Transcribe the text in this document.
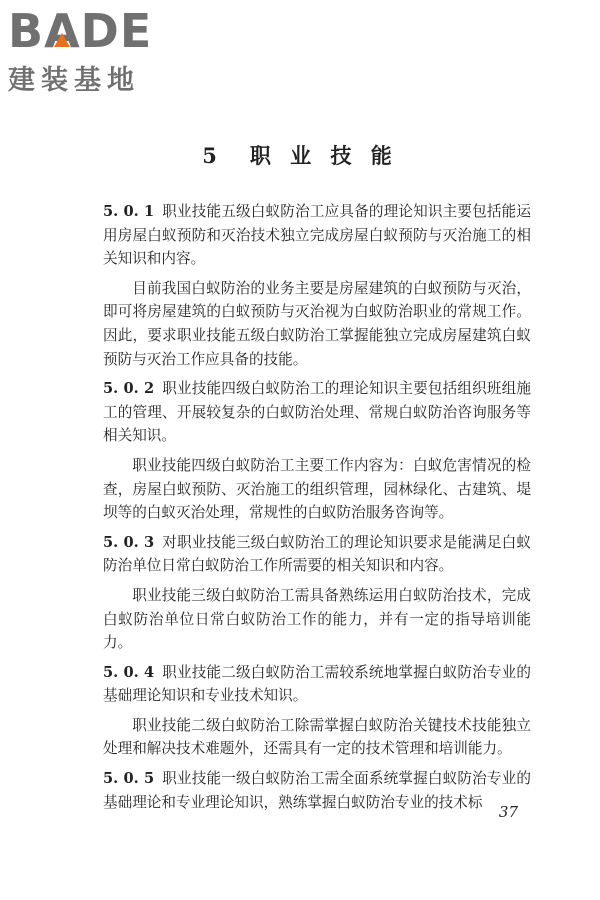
B A DE
建装基地
5　职 业 技 能

5. 0. 1 职业技能五级白蚁防治工应具备的理论知识主要包括能运用房屋白蚁预防和灭治技术独立完成房屋白蚁预防与灭治施工的相关知识和内容。

目前我国白蚁防治的业务主要是房屋建筑的白蚁预防与灭治，即可将房屋建筑的白蚁预防与灭治视为白蚁防治职业的常规工作。因此，要求职业技能五级白蚁防治工掌握能独立完成房屋建筑白蚁预防与灭治工作应具备的技能。

5. 0. 2 职业技能四级白蚁防治工的理论知识主要包括组织班组施工的管理、开展较复杂的白蚁防治处理、常规白蚁防治咨询服务等相关知识。

职业技能四级白蚁防治工主要工作内容为：白蚁危害情况的检查，房屋白蚁预防、灭治施工的组织管理，园林绿化、古建筑、堤坝等的白蚁灭治处理，常规性的白蚁防治服务咨询等。

5. 0. 3 对职业技能三级白蚁防治工的理论知识要求是能满足白蚁防治单位日常白蚁防治工作所需要的相关知识和内容。

职业技能三级白蚁防治工需具备熟练运用白蚁防治技术，完成白蚁防治单位日常白蚁防治工作的能力，并有一定的指导培训能力。

5. 0. 4 职业技能二级白蚁防治工需较系统地掌握白蚁防治专业的基础理论知识和专业技术知识。

职业技能二级白蚁防治工除需掌握白蚁防治关键技术技能独立处理和解决技术难题外，还需具有一定的技术管理和培训能力。

5. 0. 5 职业技能一级白蚁防治工需全面系统掌握白蚁防治专业的基础理论和专业理论知识，熟练掌握白蚁防治专业的技术标

37
